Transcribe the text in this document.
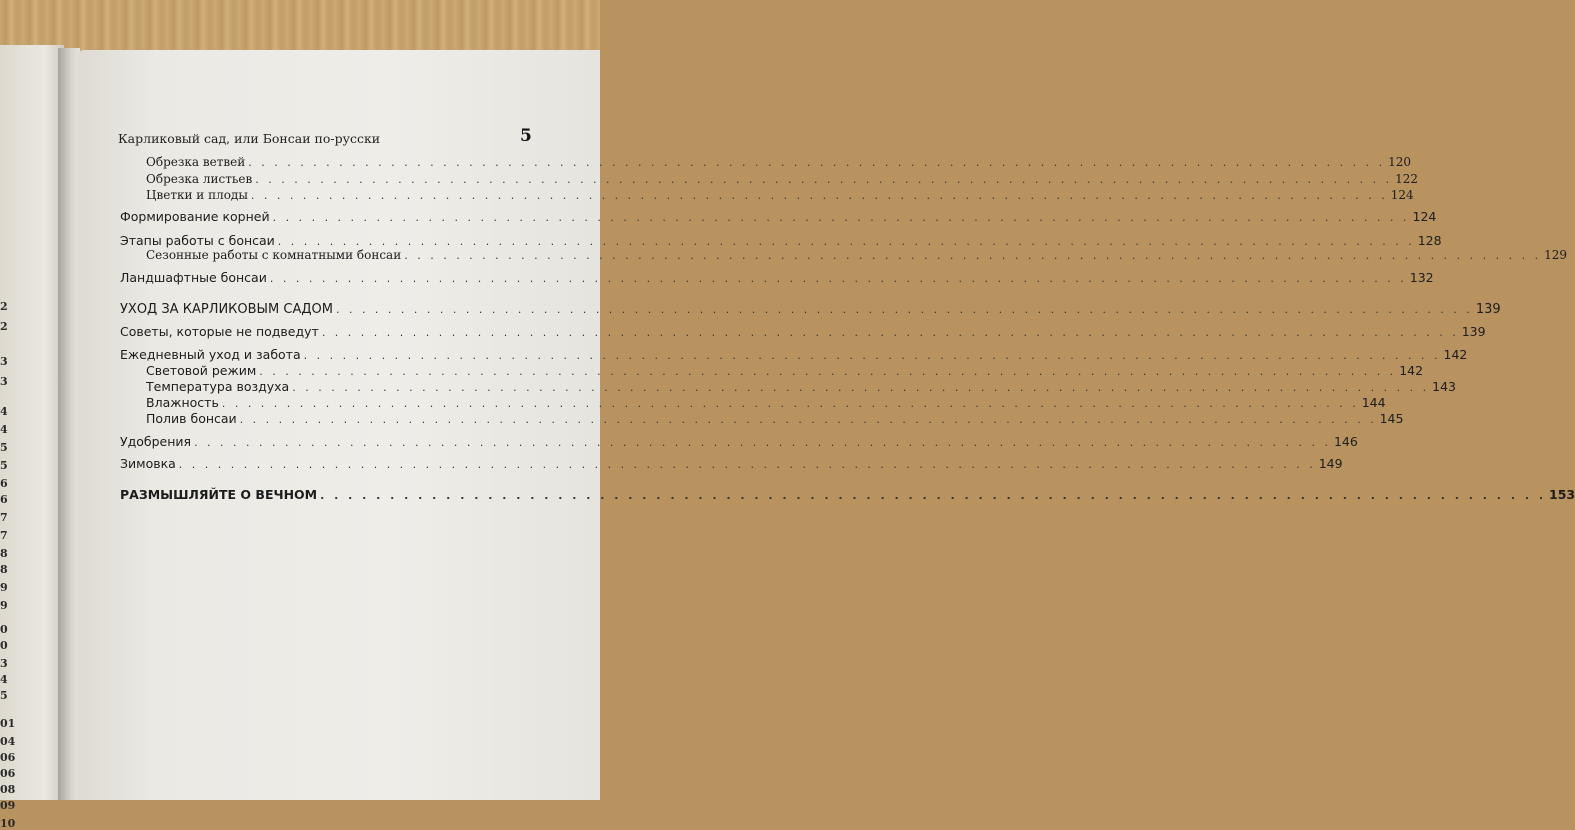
2
2
3
3
4
4
5
5
6
6
7
7
8
8
9
9
0
0
3
4
5
01
04
06
06
08
09
10
Карликовый сад, или Бонсаи по-русски	5
Обрезка ветвей . . .	120
Обрезка листьев . . .	122
Цветки и плоды . . .	124
Формирование корней . . .	124
Этапы работы с бонсаи . . .	128
Сезонные работы с комнатными бонсаи . . .	129
Ландшафтные бонсаи . . .	132
УХОД ЗА КАРЛИКОВЫМ САДОМ . . .	139
Советы, которые не подведут . . .	139
Ежедневный уход и забота . . .	142
Световой режим . . .	142
Температура воздуха . . .	143
Влажность . . .	144
Полив бонсаи . . .	145
Удобрения . . .	146
Зимовка . . .	149
РАЗМЫШЛЯЙТЕ О ВЕЧНОМ . . .	153
